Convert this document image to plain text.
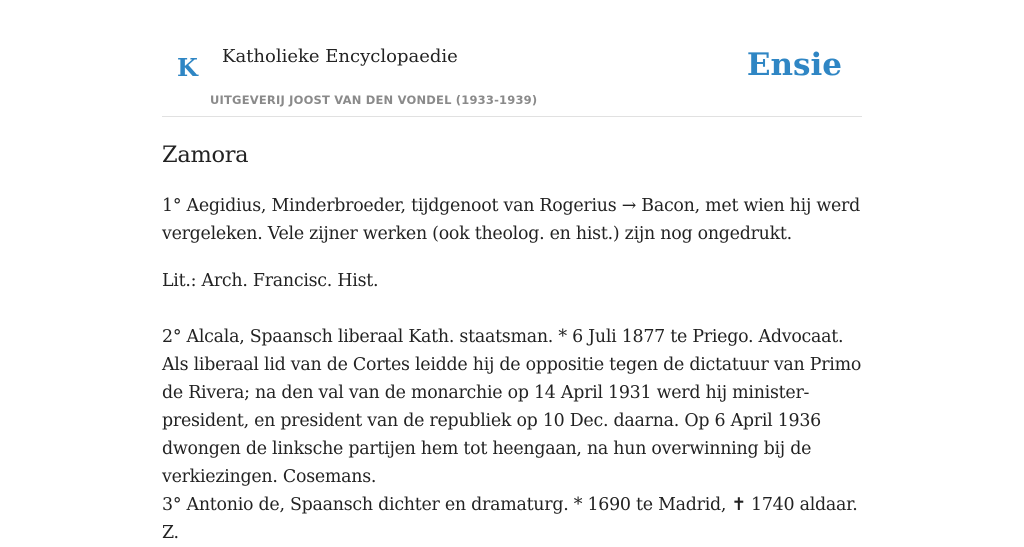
K Katholieke Encyclopaedie
UITGEVERIJ JOOST VAN DEN VONDEL (1933-1939)
Ensie
Zamora

1° Aegidius, Minderbroeder, tijdgenoot van Rogerius → Bacon, met wien hij werd vergeleken. Vele zijner werken (ook theolog. en hist.) zijn nog ongedrukt.

Lit.: Arch. Francisc. Hist.

2° Alcala, Spaansch liberaal Kath. staatsman. * 6 Juli 1877 te Priego. Advocaat. Als liberaal lid van de Cortes leidde hij de oppositie tegen de dictatuur van Primo de Rivera; na den val van de monarchie op 14 April 1931 werd hij minister-president, en president van de republiek op 10 Dec. daarna. Op 6 April 1936 dwongen de linksche partijen hem tot heengaan, na hun overwinning bij de verkiezingen. Cosemans.
3° Antonio de, Spaansch dichter en dramaturg. * 1690 te Madrid, ✝ 1740 aldaar. Z.
